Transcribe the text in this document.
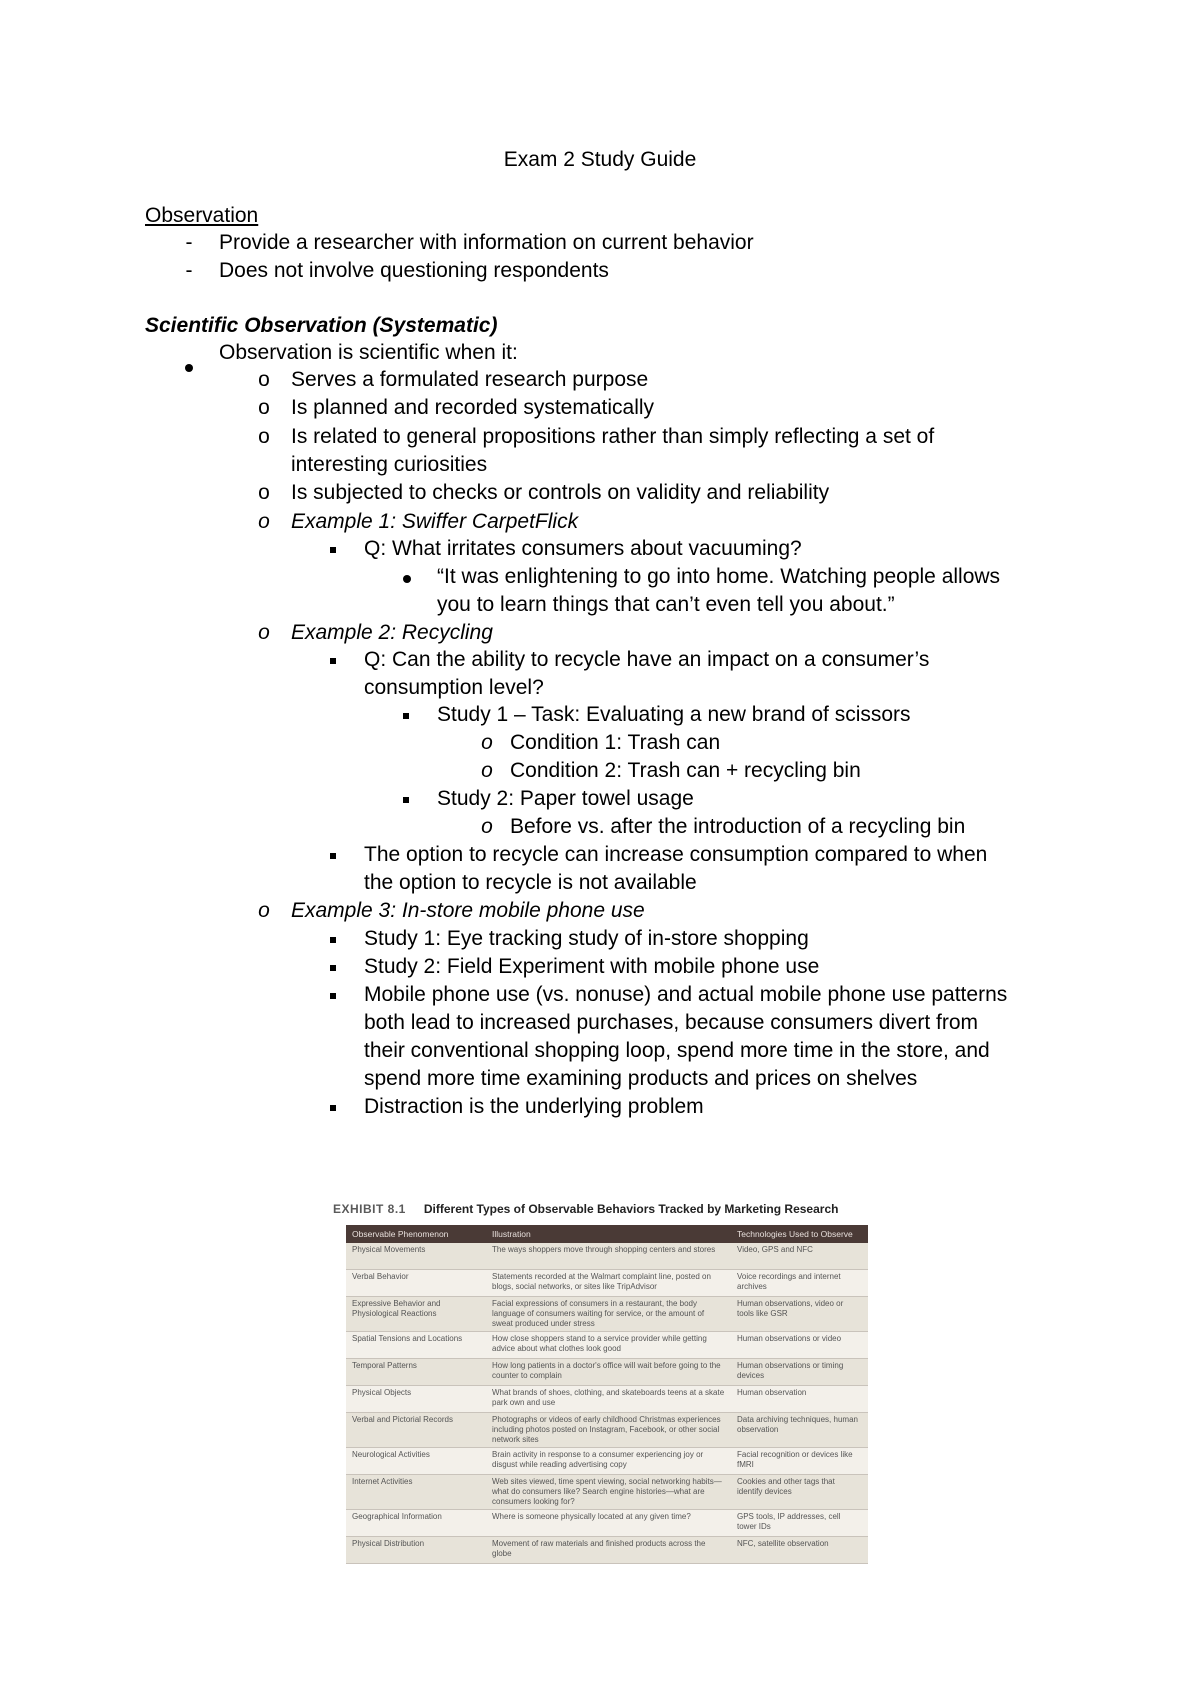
Exam 2 Study Guide
Observation
-	Provide a researcher with information on current behavior
-	Does not involve questioning respondents
Scientific Observation (Systematic)
Observation is scientific when it:
o Serves a formulated research purpose
o Is planned and recorded systematically
o Is related to general propositions rather than simply reflecting a set of
interesting curiosities
o Is subjected to checks or controls on validity and reliability
o Example 1: Swiffer CarpetFlick
Q: What irritates consumers about vacuuming?
“It was enlightening to go into home. Watching people allows
you to learn things that can’t even tell you about.”
o Example 2: Recycling
Q: Can the ability to recycle have an impact on a consumer’s
consumption level?
Study 1 – Task: Evaluating a new brand of scissors
o Condition 1: Trash can
o Condition 2: Trash can + recycling bin
Study 2: Paper towel usage
o Before vs. after the introduction of a recycling bin
The option to recycle can increase consumption compared to when
the option to recycle is not available
o Example 3: In-store mobile phone use
Study 1: Eye tracking study of in-store shopping
Study 2: Field Experiment with mobile phone use
Mobile phone use (vs. nonuse) and actual mobile phone use patterns
both lead to increased purchases, because consumers divert from
their conventional shopping loop, spend more time in the store, and
spend more time examining products and prices on shelves
Distraction is the underlying problem
EXHIBIT 8.1 Different Types of Observable Behaviors Tracked by Marketing Research
Observable Phenomenon	Illustration	Technologies Used to Observe
Physical Movements	The ways shoppers move through shopping centers and stores	Video, GPS and NFC
Verbal Behavior	Statements recorded at the Walmart complaint line, posted on blogs, social networks, or sites like TripAdvisor	Voice recordings and internet archives
Expressive Behavior and Physiological Reactions	Facial expressions of consumers in a restaurant, the body language of consumers waiting for service, or the amount of sweat produced under stress	Human observations, video or tools like GSR
Spatial Tensions and Locations	How close shoppers stand to a service provider while getting advice about what clothes look good	Human observations or video
Temporal Patterns	How long patients in a doctor's office will wait before going to the counter to complain	Human observations or timing devices
Physical Objects	What brands of shoes, clothing, and skateboards teens at a skate park own and use	Human observation
Verbal and Pictorial Records	Photographs or videos of early childhood Christmas experiences including photos posted on Instagram, Facebook, or other social network sites	Data archiving techniques, human observation
Neurological Activities	Brain activity in response to a consumer experiencing joy or disgust while reading advertising copy	Facial recognition or devices like fMRI
Internet Activities	Web sites viewed, time spent viewing, social networking habits—what do consumers like? Search engine histories—what are consumers looking for?	Cookies and other tags that identify devices
Geographical Information	Where is someone physically located at any given time?	GPS tools, IP addresses, cell tower IDs
Physical Distribution	Movement of raw materials and finished products across the globe	NFC, satellite observation
